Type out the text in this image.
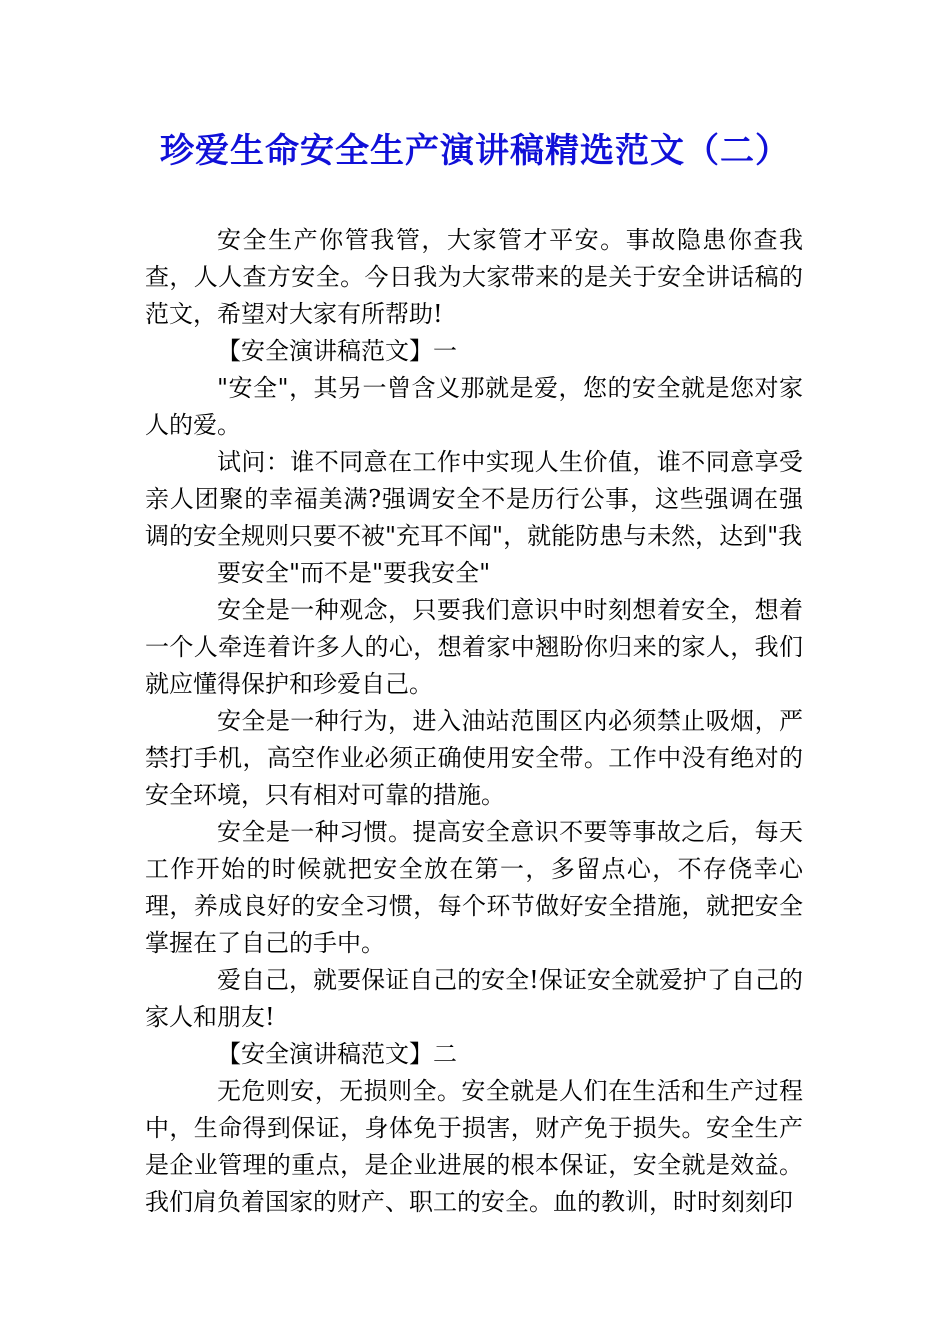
珍爱生命安全生产演讲稿精选范文（二）

安全生产你管我管，大家管才平安。事故隐患你查我查，人人查方安全。今日我为大家带来的是关于安全讲话稿的范文，希望对大家有所帮助!

【安全演讲稿范文】一

"安全"，其另一曾含义那就是爱，您的安全就是您对家人的爱。

试问：谁不同意在工作中实现人生价值，谁不同意享受亲人团聚的幸福美满?强调安全不是历行公事，这些强调在强调的安全规则只要不被"充耳不闻"，就能防患与未然，达到"我

要安全"而不是"要我安全"

安全是一种观念，只要我们意识中时刻想着安全，想着一个人牵连着许多人的心，想着家中翘盼你归来的家人，我们就应懂得保护和珍爱自己。

安全是一种行为，进入油站范围区内必须禁止吸烟，严禁打手机，高空作业必须正确使用安全带。工作中没有绝对的安全环境，只有相对可靠的措施。

安全是一种习惯。提高安全意识不要等事故之后，每天工作开始的时候就把安全放在第一，多留点心，不存侥幸心理，养成良好的安全习惯，每个环节做好安全措施，就把安全掌握在了自己的手中。

爱自己，就要保证自己的安全!保证安全就爱护了自己的家人和朋友!

【安全演讲稿范文】二

无危则安，无损则全。安全就是人们在生活和生产过程中，生命得到保证，身体免于损害，财产免于损失。安全生产是企业管理的重点，是企业进展的根本保证，安全就是效益。我们肩负着国家的财产、职工的安全。血的教训，时时刻刻印
